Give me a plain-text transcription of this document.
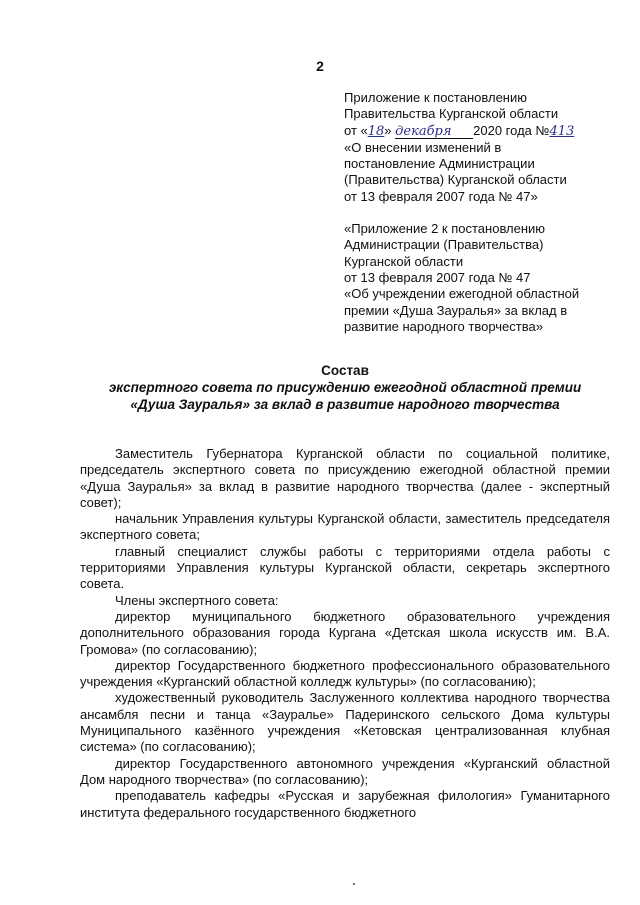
2
Приложение к постановлению
Правительства Курганской области
от «18» декабря 2020 года №413
«О внесении изменений в
постановление Администрации
(Правительства) Курганской области
от 13 февраля 2007 года № 47»
«Приложение 2 к постановлению
Администрации (Правительства)
Курганской области
от 13 февраля 2007 года № 47
«Об учреждении ежегодной областной
премии «Душа Зауралья» за вклад в
развитие народного творчества»
Состав
экспертного совета по присуждению ежегодной областной премии
«Душа Зауралья» за вклад в развитие народного творчества

Заместитель Губернатора Курганской области по социальной политике, председатель экспертного совета по присуждению ежегодной областной премии «Душа Зауралья» за вклад в развитие народного творчества (далее - экспертный совет);

начальник Управления культуры Курганской области, заместитель председателя экспертного совета;

главный специалист службы работы с территориями отдела работы с территориями Управления культуры Курганской области, секретарь экспертного совета.

Члены экспертного совета:

директор муниципального бюджетного образовательного учреждения дополнительного образования города Кургана «Детская школа искусств им. В.А. Громова» (по согласованию);

директор Государственного бюджетного профессионального образовательного учреждения «Курганский областной колледж культуры» (по согласованию);

художественный руководитель Заслуженного коллектива народного творчества ансамбля песни и танца «Зауралье» Падеринского сельского Дома культуры Муниципального казённого учреждения «Кетовская централизованная клубная система» (по согласованию);

директор Государственного автономного учреждения «Курганский областной Дом народного творчества» (по согласованию);

преподаватель кафедры «Русская и зарубежная филология» Гуманитарного института федерального государственного бюджетного
